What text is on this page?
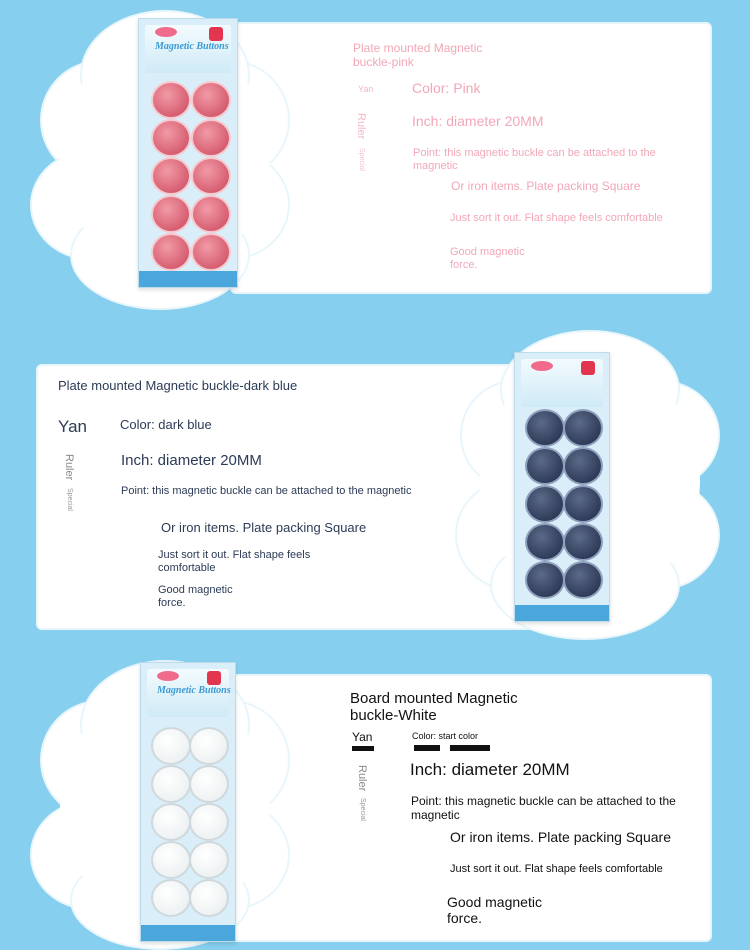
Magnetic Buttons	Plate mounted Magnetic buckle-pink
Yan	Color: Pink
Ruler
Special
Inch: diameter 20MM
Point: this magnetic buckle can be attached to the magnetic
Or iron items. Plate packing Square
Just sort it out. Flat shape feels comfortable
Good magnetic force.
Plate mounted Magnetic buckle-dark blue
Yan	Color: dark blue
Ruler
Special
Inch: diameter 20MM
Point: this magnetic buckle can be attached to the magnetic
Or iron items. Plate packing Square
Just sort it out. Flat shape feels comfortable
Good magnetic force.
Magnetic Buttons	Board mounted Magnetic buckle-White
Yan	Color: start color
Ruler
Special
Inch: diameter 20MM
Point: this magnetic buckle can be attached to the magnetic
Or iron items. Plate packing Square
Just sort it out. Flat shape feels comfortable
Good magnetic force.
